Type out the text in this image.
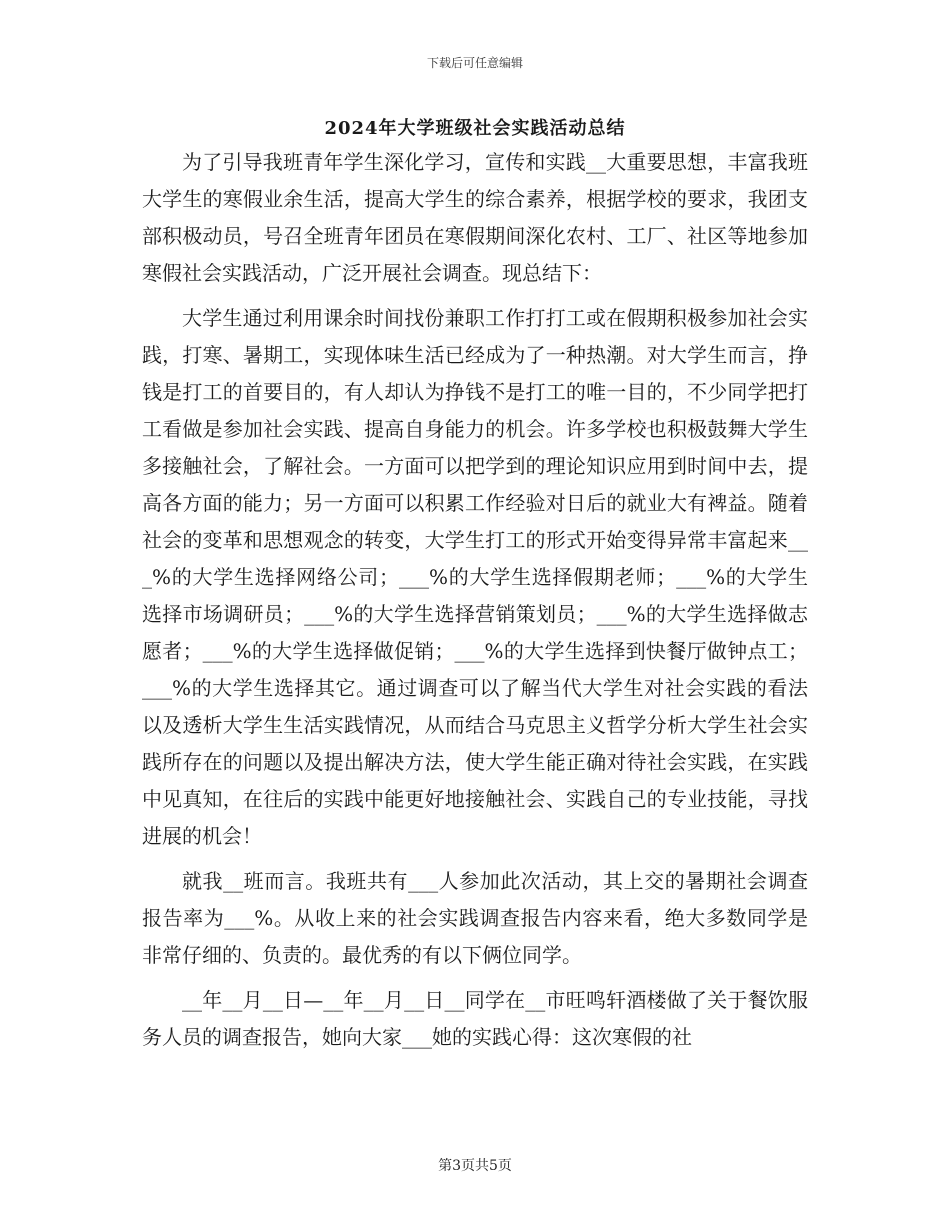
下载后可任意编辑
2024年大学班级社会实践活动总结

为了引导我班青年学生深化学习，宣传和实践__大重要思想，丰富我班大学生的寒假业余生活，提高大学生的综合素养，根据学校的要求，我团支部积极动员，号召全班青年团员在寒假期间深化农村、工厂、社区等地参加寒假社会实践活动，广泛开展社会调查。现总结下：

大学生通过利用课余时间找份兼职工作打打工或在假期积极参加社会实践，打寒、暑期工，实现体味生活已经成为了一种热潮。对大学生而言，挣钱是打工的首要目的，有人却认为挣钱不是打工的唯一目的，不少同学把打工看做是参加社会实践、提高自身能力的机会。许多学校也积极鼓舞大学生多接触社会，了解社会。一方面可以把学到的理论知识应用到时间中去，提高各方面的能力；另一方面可以积累工作经验对日后的就业大有裨益。随着社会的变革和思想观念的转变，大学生打工的形式开始变得异常丰富起来___%的大学生选择网络公司；___%的大学生选择假期老师；___%的大学生选择市场调研员；___%的大学生选择营销策划员；___%的大学生选择做志愿者；___%的大学生选择做促销；___%的大学生选择到快餐厅做钟点工；___%的大学生选择其它。通过调查可以了解当代大学生对社会实践的看法以及透析大学生生活实践情况，从而结合马克思主义哲学分析大学生社会实践所存在的问题以及提出解决方法，使大学生能正确对待社会实践，在实践中见真知，在往后的实践中能更好地接触社会、实践自己的专业技能，寻找进展的机会！

就我__班而言。我班共有___人参加此次活动，其上交的暑期社会调查报告率为___%。从收上来的社会实践调查报告内容来看，绝大多数同学是非常仔细的、负责的。最优秀的有以下俩位同学。

__年__月__日—__年__月__日__同学在__市旺鸣轩酒楼做了关于餐饮服务人员的调查报告，她向大家___她的实践心得：这次寒假的社

第3页共5页
